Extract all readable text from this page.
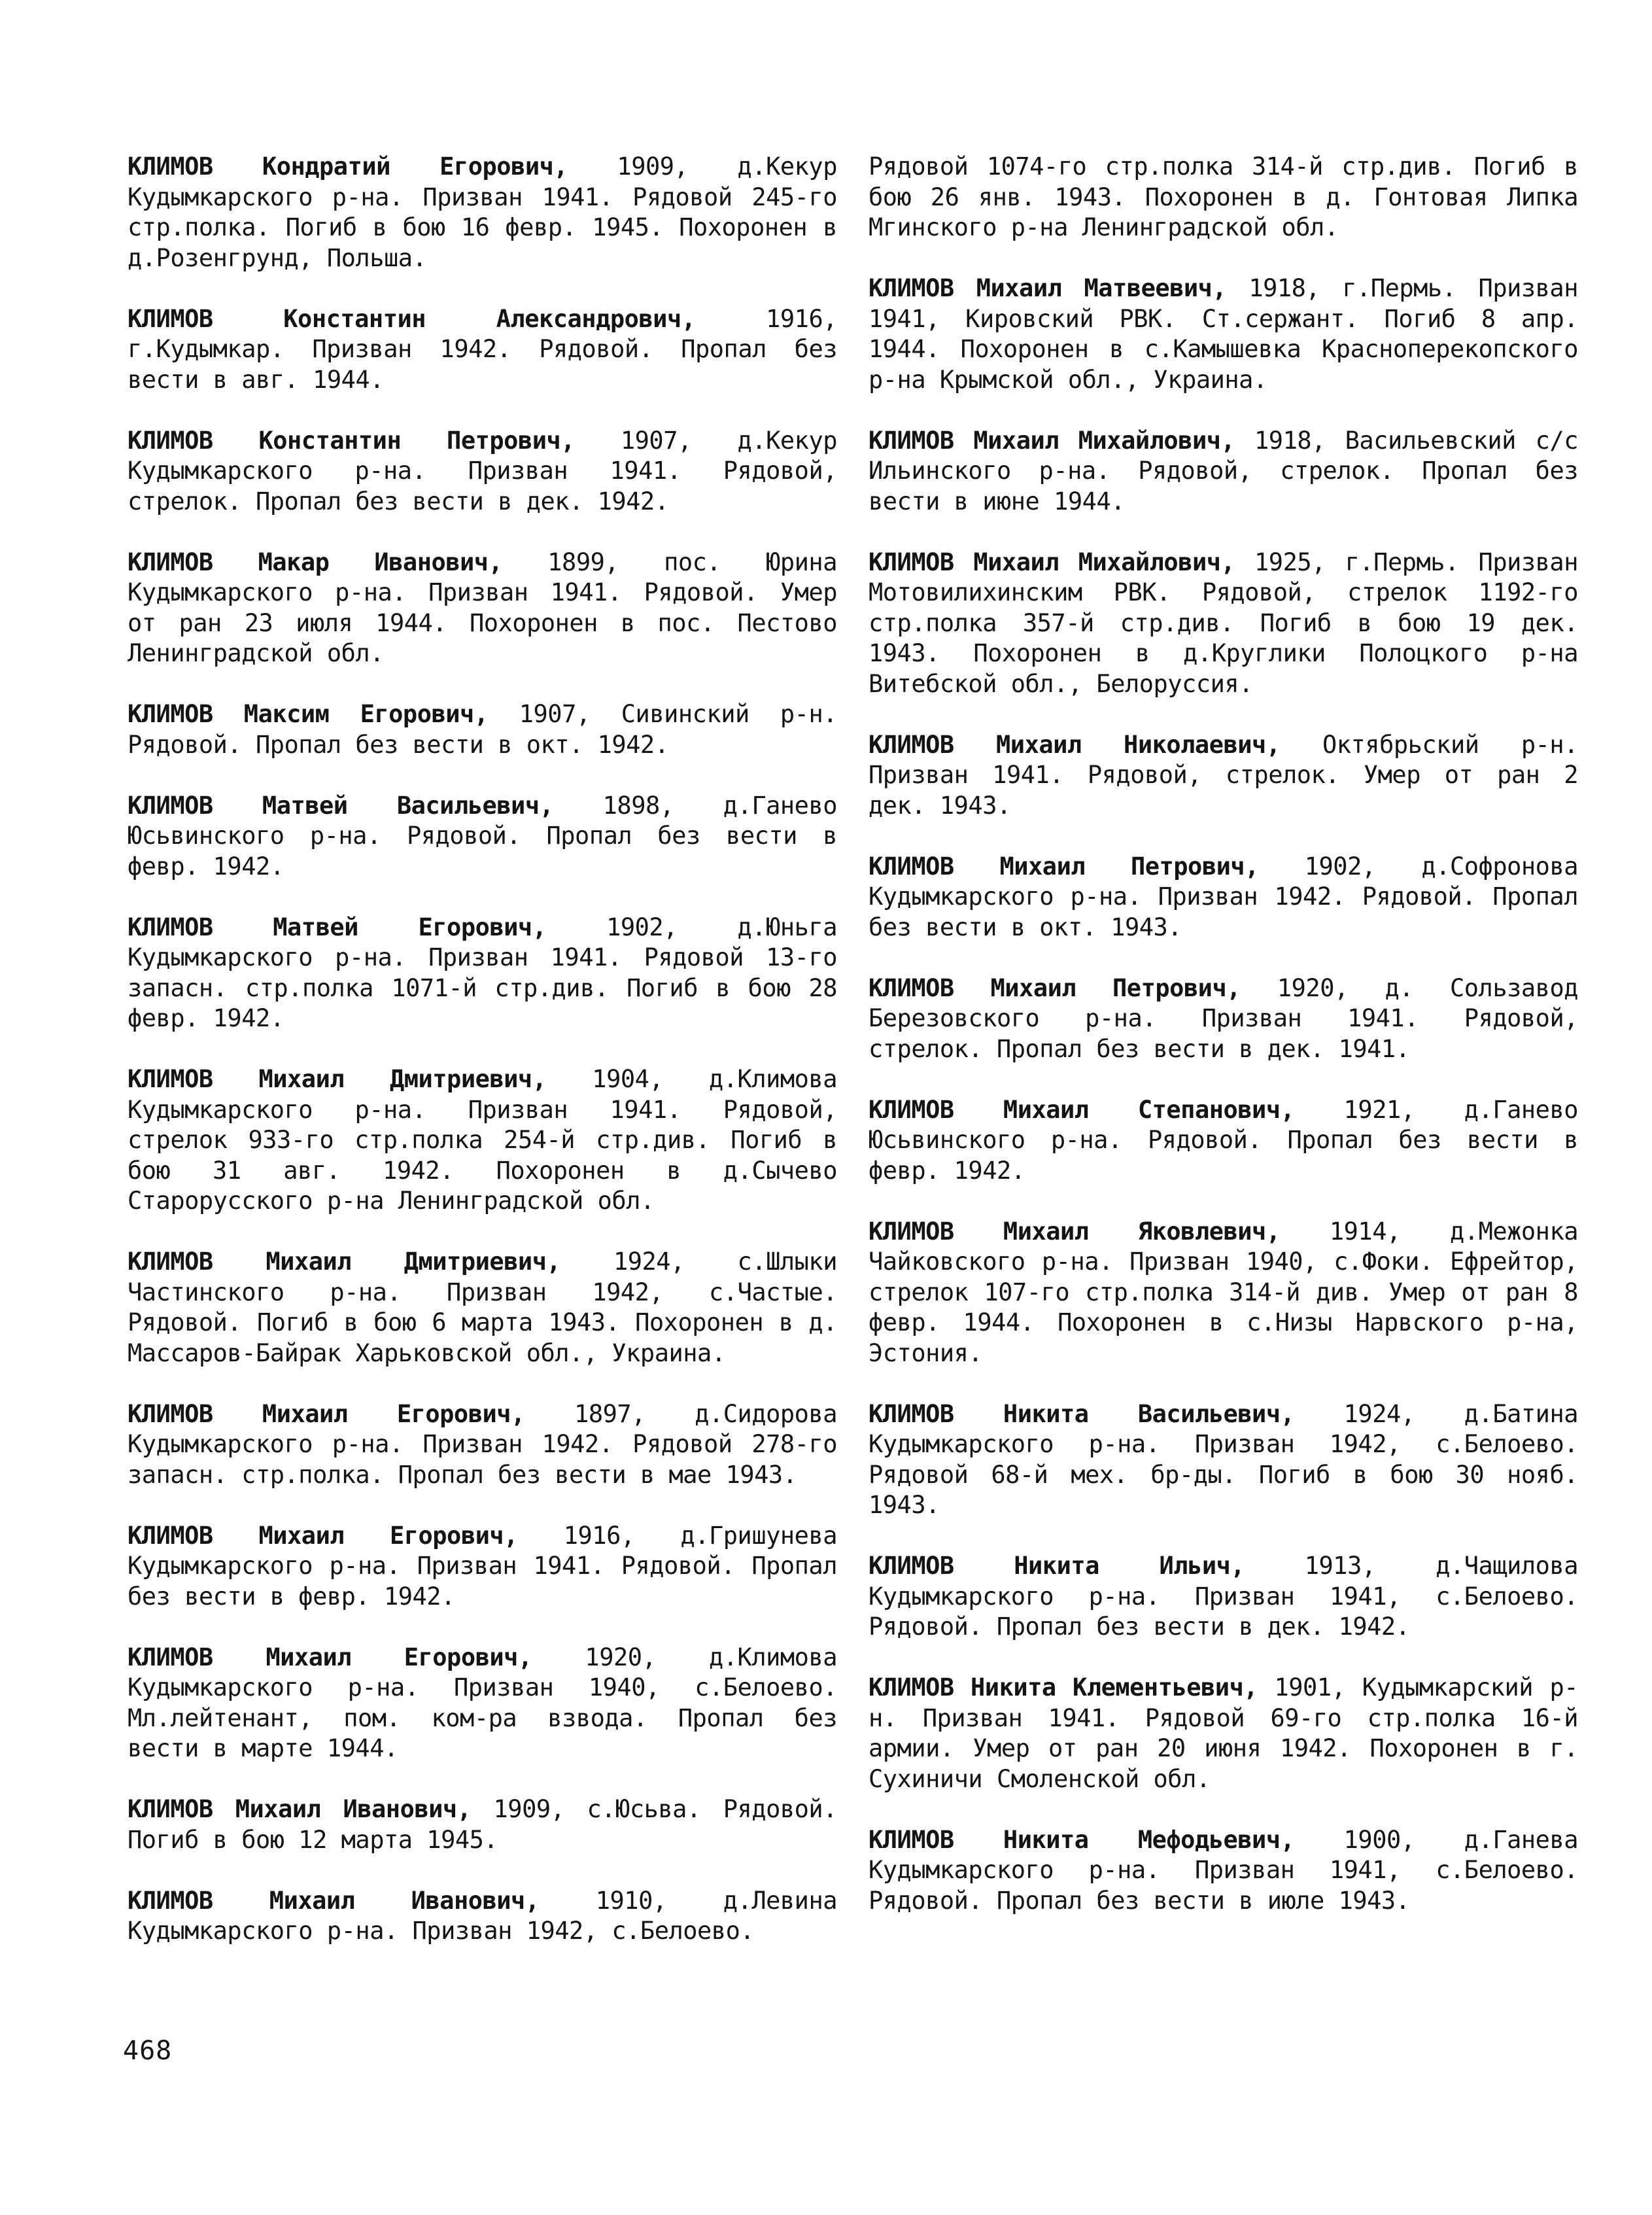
КЛИМОВ Кондратий Егорович, 1909, д.Кекур Кудымкарского р-на. Призван 1941. Рядовой 245-го стр.полка. Погиб в бою 16 февр. 1945. Похоронен в д.Розенгрунд, Польша.

КЛИМОВ Константин Александрович, 1916, г.Кудымкар. Призван 1942. Рядовой. Пропал без вести в авг. 1944.

КЛИМОВ Константин Петрович, 1907, д.Кекур Кудымкарского р-на. Призван 1941. Рядовой, стрелок. Пропал без вести в дек. 1942.

КЛИМОВ Макар Иванович, 1899, пос. Юрина Кудымкарского р-на. Призван 1941. Рядовой. Умер от ран 23 июля 1944. Похоронен в пос. Пестово Ленинградской обл.

КЛИМОВ Максим Егорович, 1907, Сивинский р-н. Рядовой. Пропал без вести в окт. 1942.

КЛИМОВ Матвей Васильевич, 1898, д.Ганево Юсьвинского р-на. Рядовой. Пропал без вести в февр. 1942.

КЛИМОВ Матвей Егорович, 1902, д.Юньга Кудымкарского р-на. Призван 1941. Рядовой 13-го запасн. стр.полка 1071-й стр.див. Погиб в бою 28 февр. 1942.

КЛИМОВ Михаил Дмитриевич, 1904, д.Климова Кудымкарского р-на. Призван 1941. Рядовой, стрелок 933-го стр.полка 254-й стр.див. Погиб в бою 31 авг. 1942. Похоронен в д.Сычево Старорусского р-на Ленинградской обл.

КЛИМОВ Михаил Дмитриевич, 1924, с.Шлыки Частинского р-на. Призван 1942, с.Частые. Рядовой. Погиб в бою 6 марта 1943. Похоронен в д. Массаров-Байрак Харьковской обл., Украина.

КЛИМОВ Михаил Егорович, 1897, д.Сидорова Кудымкарского р-на. Призван 1942. Рядовой 278-го запасн. стр.полка. Пропал без вести в мае 1943.

КЛИМОВ Михаил Егорович, 1916, д.Гришунева Кудымкарского р-на. Призван 1941. Рядовой. Пропал без вести в февр. 1942.

КЛИМОВ Михаил Егорович, 1920, д.Климова Кудымкарского р-на. Призван 1940, с.Белоево. Мл.лейтенант, пом. ком-ра взвода. Пропал без вести в марте 1944.

КЛИМОВ Михаил Иванович, 1909, с.Юсьва. Рядовой. Погиб в бою 12 марта 1945.

КЛИМОВ Михаил Иванович, 1910, д.Левина Кудымкарского р-на. Призван 1942, с.Белоево.

Рядовой 1074-го стр.полка 314-й стр.див. Погиб в бою 26 янв. 1943. Похоронен в д. Гонтовая Липка Мгинского р-на Ленинградской обл.

КЛИМОВ Михаил Матвеевич, 1918, г.Пермь. Призван 1941, Кировский РВК. Ст.сержант. Погиб 8 апр. 1944. Похоронен в с.Камышевка Красноперекопского р-на Крымской обл., Украина.

КЛИМОВ Михаил Михайлович, 1918, Васильевский с/с Ильинского р-на. Рядовой, стрелок. Пропал без вести в июне 1944.

КЛИМОВ Михаил Михайлович, 1925, г.Пермь. Призван Мотовилихинским РВК. Рядовой, стрелок 1192-го стр.полка 357-й стр.див. Погиб в бою 19 дек. 1943. Похоронен в д.Круглики Полоцкого р-на Витебской обл., Белоруссия.

КЛИМОВ Михаил Николаевич, Октябрьский р-н. Призван 1941. Рядовой, стрелок. Умер от ран 2 дек. 1943.

КЛИМОВ Михаил Петрович, 1902, д.Софронова Кудымкарского р-на. Призван 1942. Рядовой. Пропал без вести в окт. 1943.

КЛИМОВ Михаил Петрович, 1920, д. Сользавод Березовского р-на. Призван 1941. Рядовой, стрелок. Пропал без вести в дек. 1941.

КЛИМОВ Михаил Степанович, 1921, д.Ганево Юсьвинского р-на. Рядовой. Пропал без вести в февр. 1942.

КЛИМОВ Михаил Яковлевич, 1914, д.Межонка Чайковского р-на. Призван 1940, с.Фоки. Ефрейтор, стрелок 107-го стр.полка 314-й див. Умер от ран 8 февр. 1944. Похоронен в с.Низы Нарвского р-на, Эстония.

КЛИМОВ Никита Васильевич, 1924, д.Батина Кудымкарского р-на. Призван 1942, с.Белоево. Рядовой 68-й мех. бр-ды. Погиб в бою 30 нояб. 1943.

КЛИМОВ Никита Ильич, 1913, д.Чащилова Кудымкарского р-на. Призван 1941, с.Белоево. Рядовой. Пропал без вести в дек. 1942.

КЛИМОВ Никита Клементьевич, 1901, Кудымкарский р-н. Призван 1941. Рядовой 69-го стр.полка 16-й армии. Умер от ран 20 июня 1942. Похоронен в г. Сухиничи Смоленской обл.

КЛИМОВ Никита Мефодьевич, 1900, д.Ганева Кудымкарского р-на. Призван 1941, с.Белоево. Рядовой. Пропал без вести в июле 1943.

468
